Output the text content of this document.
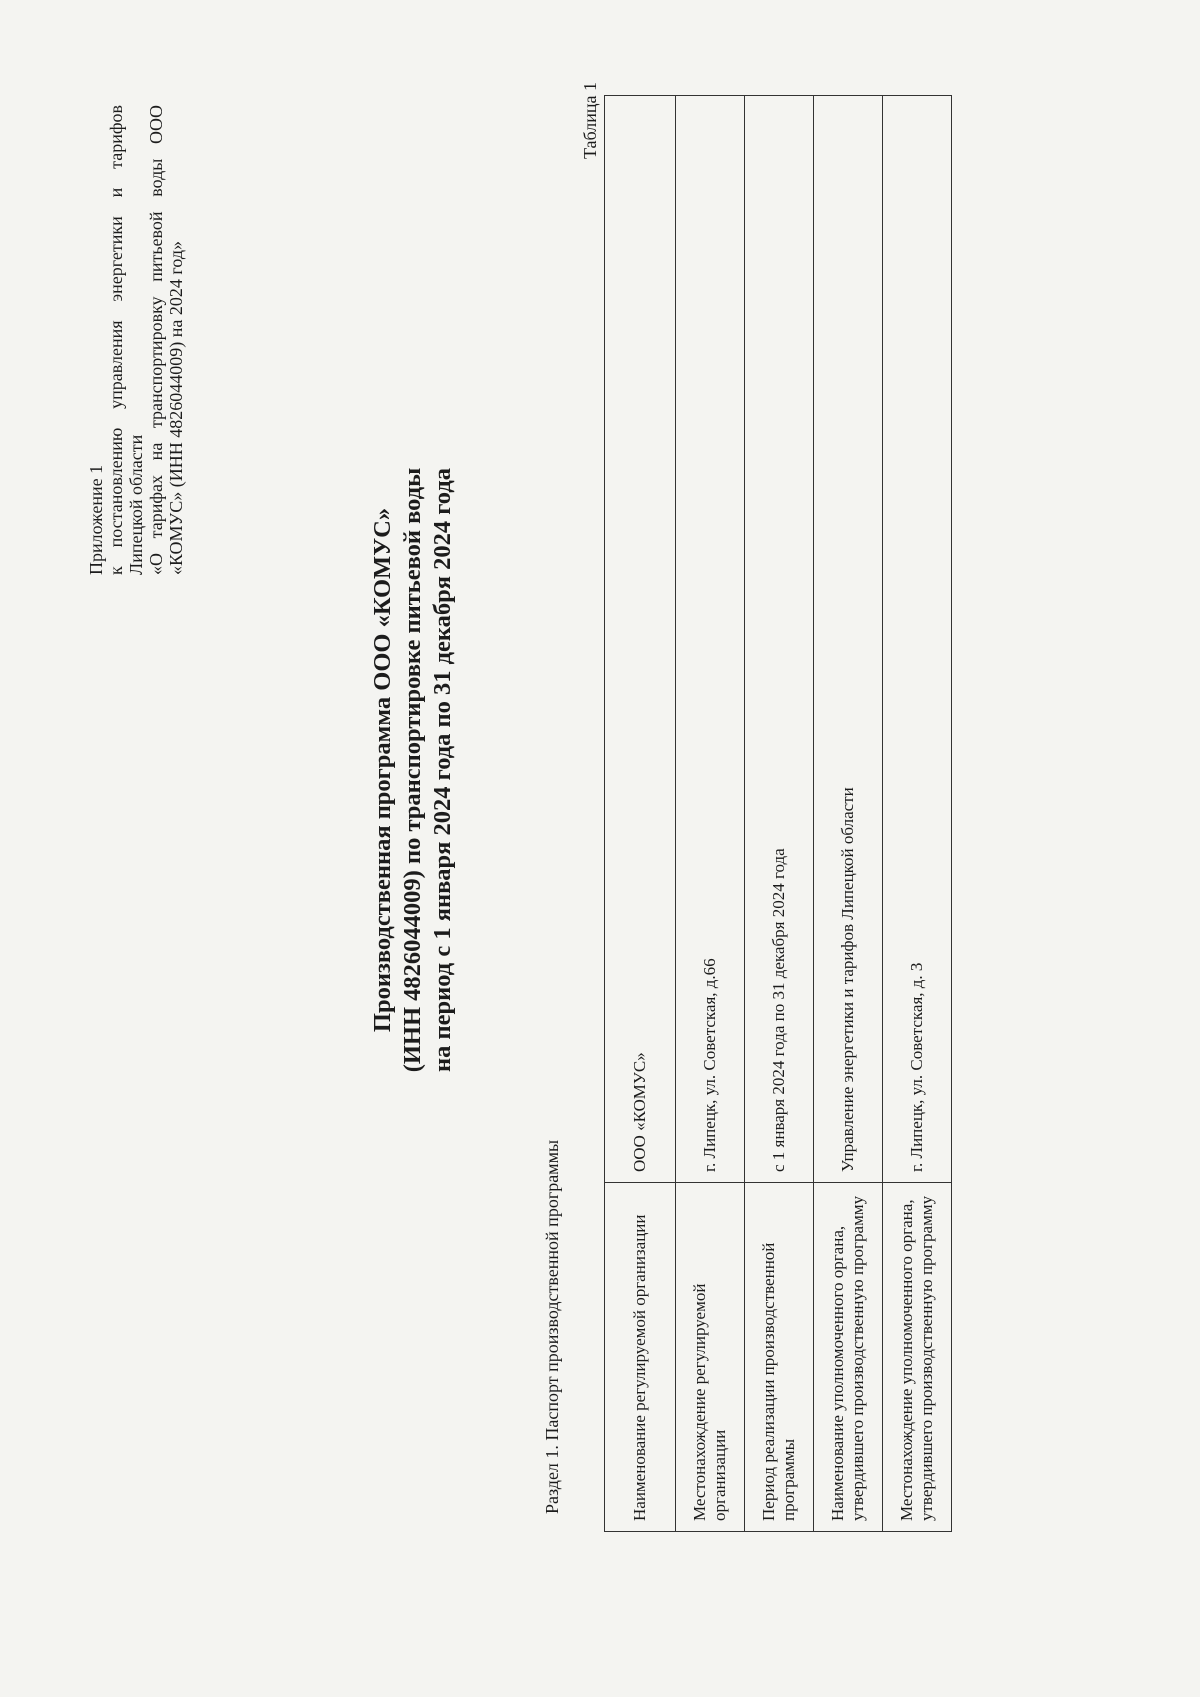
Приложение 1 к постановлению управления энергетики и тарифов Липецкой области «О тарифах на транспортировку питьевой воды ООО «КОМУС» (ИНН 4826044009) на 2024 год»
Производственная программа ООО «КОМУС» (ИНН 4826044009) по транспортировке питьевой воды на период с 1 января 2024 года по 31 декабря 2024 года
Раздел 1. Паспорт производственной программы
Таблица 1
Наименование регулируемой организации	ООО «КОМУС»
Местонахождение регулируемой организации	г. Липецк, ул. Советская, д.66
Период реализации производственной программы	с 1 января 2024 года по 31 декабря 2024 года
Наименование уполномоченного органа, утвердившего производственную программу	Управление энергетики и тарифов Липецкой области
Местонахождение уполномоченного органа, утвердившего производственную программу	г. Липецк, ул. Советская, д. 3
